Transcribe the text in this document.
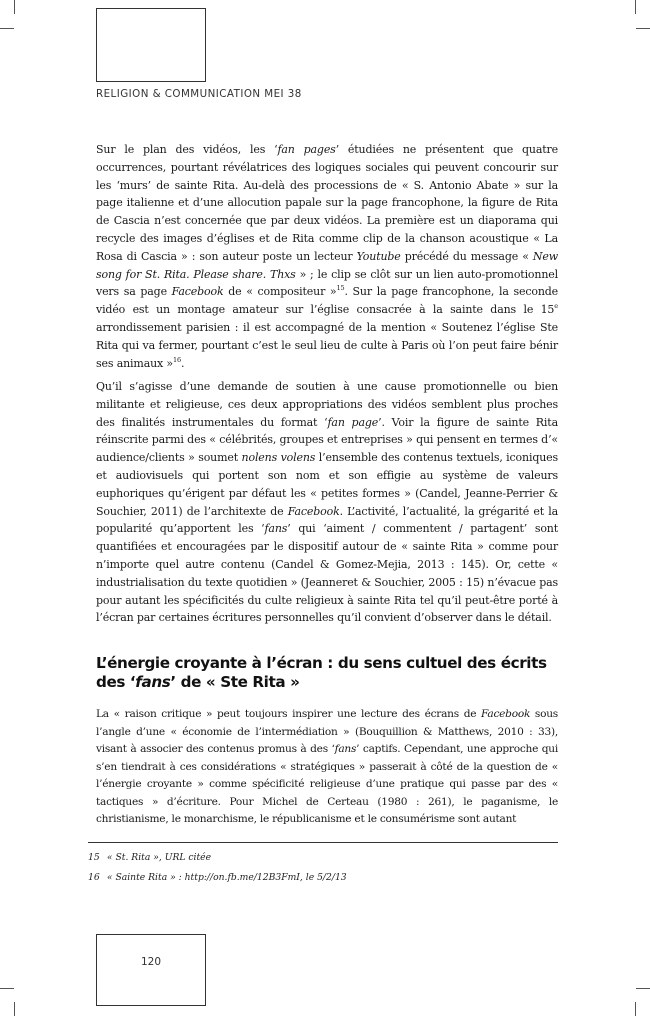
RELIGION & COMMUNICATION MEI 38
Sur le plan des vidéos, les ‘fan pages’ étudiées ne présentent que quatre occurrences, pourtant révélatrices des logiques sociales qui peuvent concourir sur les ‘murs’ de sainte Rita. Au-delà des processions de « S. Antonio Abate » sur la page italienne et d’une allocution papale sur la page francophone, la figure de Rita de Cascia n’est concernée que par deux vidéos. La première est un diaporama qui recycle des images d’églises et de Rita comme clip de la chanson acoustique « La Rosa di Cascia » : son auteur poste un lecteur Youtube précédé du message « New song for St. Rita. Please share. Thxs » ; le clip se clôt sur un lien auto-promotionnel vers sa page Facebook de « compositeur »$^{15}$. Sur la page francophone, la seconde vidéo est un montage amateur sur l’église consacrée à la sainte dans le 15e arrondissement parisien : il est accompagné de la mention « Soutenez l’église Ste Rita qui va fermer, pourtant c’est le seul lieu de culte à Paris où l’on peut faire bénir ses animaux »$^{16}$.
Qu’il s’agisse d’une demande de soutien à une cause promotionnelle ou bien militante et religieuse, ces deux appropriations des vidéos semblent plus proches des finalités instrumentales du format ‘fan page’. Voir la figure de sainte Rita réinscrite parmi des « célébrités, groupes et entreprises » qui pensent en termes d’« audience/clients » soumet nolens volens l’ensemble des contenus textuels, iconiques et audiovisuels qui portent son nom et son effigie au système de valeurs euphoriques qu’érigent par défaut les « petites formes » (Candel, Jeanne-Perrier & Souchier, 2011) de l’architexte de Facebook. L’activité, l’actualité, la grégarité et la popularité qu’apportent les ‘fans’ qui ‘aiment / commentent / partagent’ sont quantifiées et encouragées par le dispositif autour de « sainte Rita » comme pour n’importe quel autre contenu (Candel & Gomez-Mejia, 2013 : 145). Or, cette « industrialisation du texte quotidien » (Jeanneret & Souchier, 2005 : 15) n’évacue pas pour autant les spécificités du culte religieux à sainte Rita tel qu’il peut-être porté à l’écran par certaines écritures personnelles qu’il convient d’observer dans le détail.
L’énergie croyante à l’écran : du sens cultuel des écrits des ‘fans’ de « Ste Rita »
La « raison critique » peut toujours inspirer une lecture des écrans de Facebook sous l’angle d’une « économie de l’intermédiation » (Bouquillion & Matthews, 2010 : 33), visant à associer des contenus promus à des ‘fans’ captifs. Cependant, une approche qui s’en tiendrait à ces considérations « stratégiques » passerait à côté de la question de « l’énergie croyante » comme spécificité religieuse d’une pratique qui passe par des « tactiques » d’écriture. Pour Michel de Certeau (1980 : 261), le paganisme, le christianisme, le monarchisme, le républicanisme et le consumérisme sont autant
15 « St. Rita », URL citée
16 « Sainte Rita » : http://on.fb.me/12B3FmI, le 5/2/13
120
